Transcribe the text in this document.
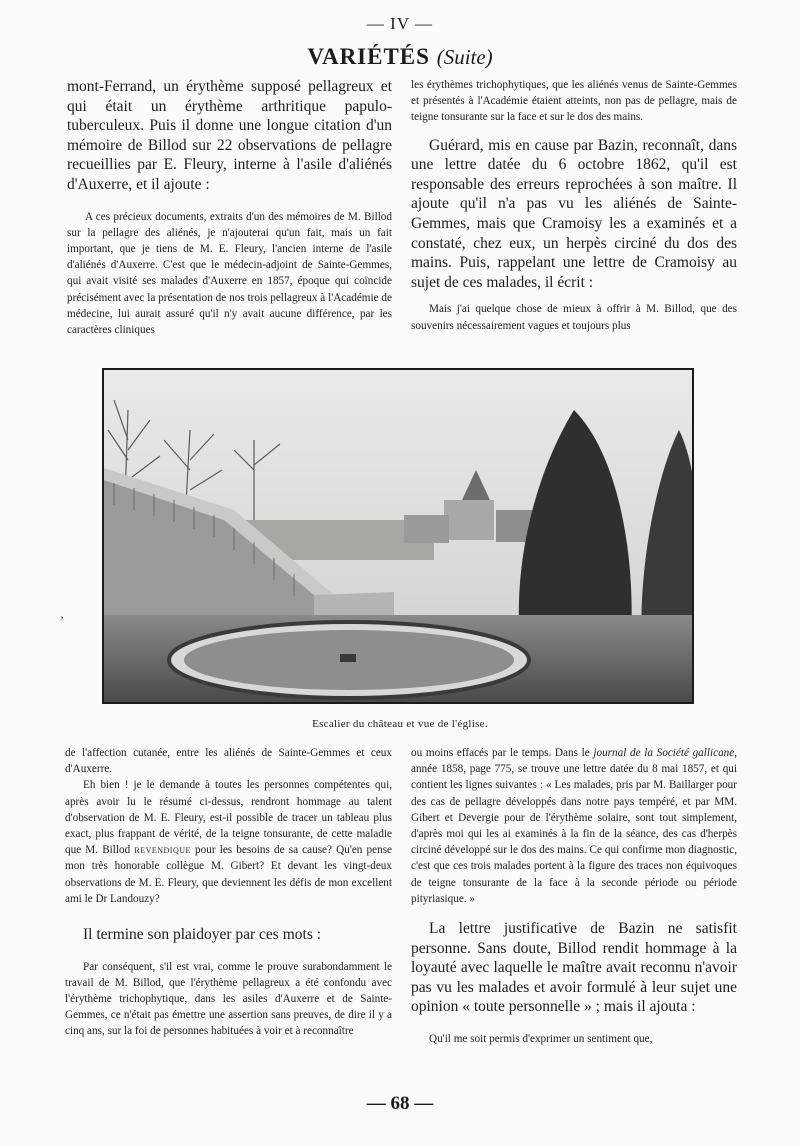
— IV —
VARIÉTÉS (Suite)

mont-Ferrand, un érythème supposé pellagreux et qui était un érythème arthritique papulo-tuberculeux. Puis il donne une longue citation d'un mémoire de Billod sur 22 observations de pellagre recueillies par E. Fleury, interne à l'asile d'aliénés d'Auxerre, et il ajoute :

A ces précieux documents, extraits d'un des mémoires de M. Billod sur la pellagre des aliénés, je n'ajouterai qu'un fait, mais un fait important, que je tiens de M. E. Fleury, l'ancien interne de l'asile d'aliénés d'Auxerre. C'est que le médecin-adjoint de Sainte-Gemmes, qui avait visité ses malades d'Auxerre en 1857, époque qui coïncide précisément avec la présentation de nos trois pellagreux à l'Académie de médecine, lui aurait assuré qu'il n'y avait aucune différence, par les caractères cliniques

les érythèmes trichophytiques, que les aliénés venus de Sainte-Gemmes et présentés à l'Académie étaient atteints, non pas de pellagre, mais de teigne tonsurante sur la face et sur le dos des mains.

Guérard, mis en cause par Bazin, reconnaît, dans une lettre datée du 6 octobre 1862, qu'il est responsable des erreurs reprochées à son maître. Il ajoute qu'il n'a pas vu les aliénés de Sainte-Gemmes, mais que Cramoisy les a examinés et a constaté, chez eux, un herpès circiné du dos des mains. Puis, rappelant une lettre de Cramoisy au sujet de ces malades, il écrit :

Mais j'ai quelque chose de mieux à offrir à M. Billod, que des souvenirs nécessairement vagues et toujours plus

’
Escalier du château et vue de l'église.

de l'affection cutanée, entre les aliénés de Sainte-Gemmes et ceux d'Auxerre.

Eh bien ! je le demande à toutes les personnes compétentes qui, après avoir lu le résumé ci-dessus, rendront hommage au talent d'observation de M. E. Fleury, est-il possible de tracer un tableau plus exact, plus frappant de vérité, de la teigne tonsurante, de cette maladie que M. Billod revendique pour les besoins de sa cause? Qu'en pense mon très honorable collègue M. Gibert? Et devant les vingt-deux observations de M. E. Fleury, que deviennent les défis de mon excellent ami le Dr Landouzy?

Il termine son plaidoyer par ces mots :

Par conséquent, s'il est vrai, comme le prouve surabondamment le travail de M. Billod, que l'érythème pellagreux a été confondu avec l'érythème trichophytique, dans les asiles d'Auxerre et de Sainte-Gemmes, ce n'était pas émettre une assertion sans preuves, de dire il y a cinq ans, sur la foi de personnes habituées à voir et à reconnaître

ou moins effacés par le temps. Dans le journal de la Société gallicane, année 1858, page 775, se trouve une lettre datée du 8 mai 1857, et qui contient les lignes suivantes : « Les malades, pris par M. Baillarger pour des cas de pellagre développés dans notre pays tempéré, et par MM. Gibert et Devergie pour de l'érythème solaire, sont tout simplement, d'après moi qui les ai examinés à la fin de la séance, des cas d'herpès circiné développé sur le dos des mains. Ce qui confirme mon diagnostic, c'est que ces trois malades portent à la figure des traces non équivoques de teigne tonsurante de la face à la seconde période ou période pityriasique. »

La lettre justificative de Bazin ne satisfit personne. Sans doute, Billod rendit hommage à la loyauté avec laquelle le maître avait reconnu n'avoir pas vu les malades et avoir formulé à leur sujet une opinion « toute personnelle » ; mais il ajouta :

Qu'il me soit permis d'exprimer un sentiment que,

— 68 —
